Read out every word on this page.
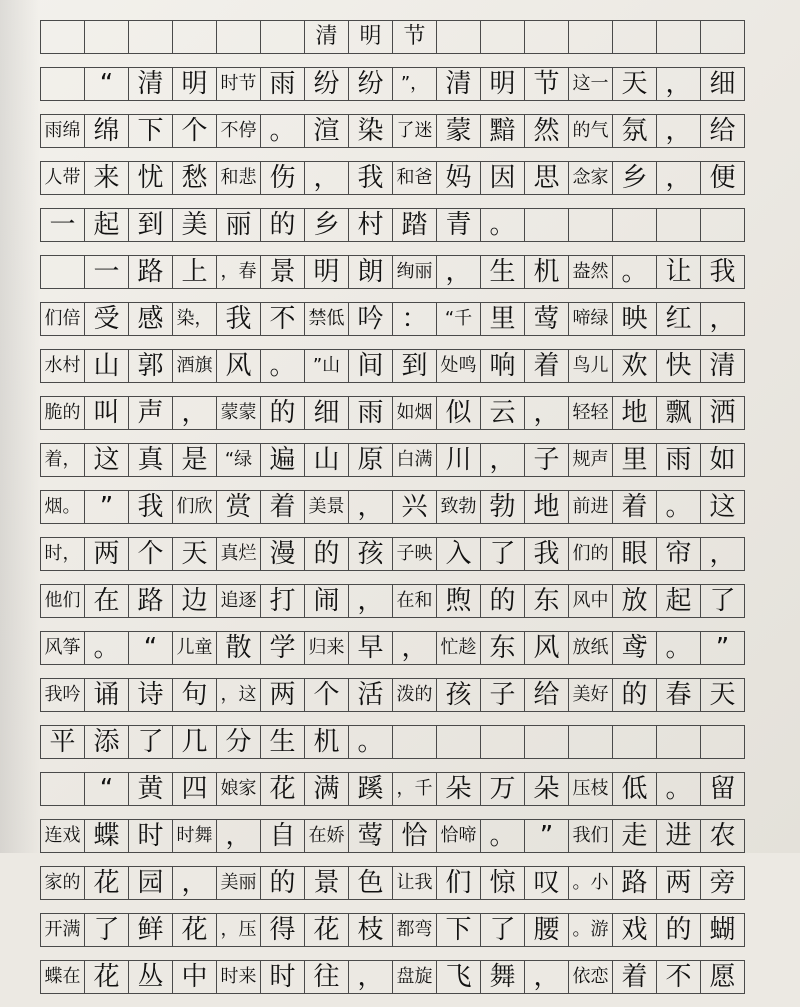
清 明 节
“ 清 明 时节 雨 纷 纷 ”， 清 明 节 这一 天 ， 细
雨绵 绵 下 个 不停 。 渲 染 了迷 蒙 黯 然 的气 氛 ， 给
人带 来 忧 愁 和悲 伤 ， 我 和爸 妈 因 思 念家 乡 ， 便
一 起 到 美 丽 的 乡 村 踏 青 。
一 路 上 ，春 景 明 朗 绚丽 ， 生 机 盎然 。 让 我
们倍 受 感 染， 我 不 禁低 吟 ： “千 里 莺 啼绿 映 红 ，
水村 山 郭 酒旗 风 。 ”山 间 到 处鸣 响 着 鸟儿 欢 快 清
脆的 叫 声 ， 蒙蒙 的 细 雨 如烟 似 云 ， 轻轻 地 飘 洒
着， 这 真 是 “绿 遍 山 原 白满 川 ， 子 规声 里 雨 如
烟。 ” 我 们欣 赏 着 美景 ， 兴 致勃 勃 地 前进 着 。 这
时， 两 个 天 真烂 漫 的 孩 子映 入 了 我 们的 眼 帘 ，
他们 在 路 边 追逐 打 闹 ， 在和 煦 的 东 风中 放 起 了
风筝 。 “	儿童 散 学 归来 早 ， 忙趁 东 风 放纸 鸢 。 ”
我吟 诵 诗 句 ，这 两 个 活 泼的 孩 子 给 美好 的 春 天
平 添 了 几 分 生 机 。
“ 黄 四 娘家 花 满 蹊 ，千 朵 万 朵 压枝 低 。 留
连戏 蝶 时 时舞 ， 自 在娇 莺 恰 恰啼 。 ”	我们 走 进 农
家的 花 园 ， 美丽 的 景 色 让我 们 惊 叹 。小 路 两 旁
开满 了 鲜 花 ，压 得 花 枝 都弯 下 了 腰 。游 戏 的 蝴
蝶在 花 丛 中 时来 时 往 ， 盘旋 飞 舞 ， 依恋 着 不 愿
